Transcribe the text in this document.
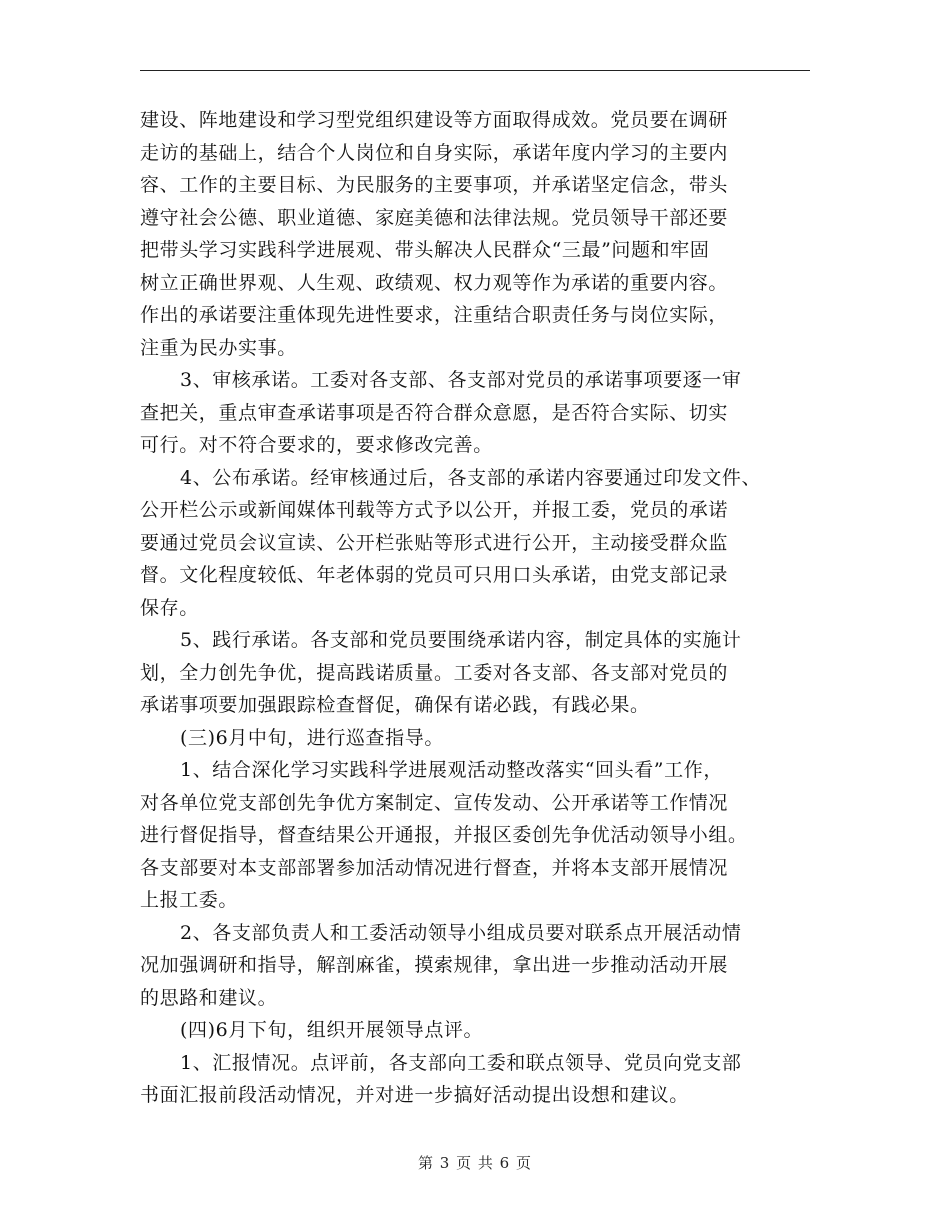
建设、阵地建设和学习型党组织建设等方面取得成效。党员要在调研
走访的基础上，结合个人岗位和自身实际，承诺年度内学习的主要内
容、工作的主要目标、为民服务的主要事项，并承诺坚定信念，带头
遵守社会公德、职业道德、家庭美德和法律法规。党员领导干部还要
把带头学习实践科学进展观、带头解决人民群众“三最”问题和牢固
树立正确世界观、人生观、政绩观、权力观等作为承诺的重要内容。
作出的承诺要注重体现先进性要求，注重结合职责任务与岗位实际，
注重为民办实事。
3、审核承诺。工委对各支部、各支部对党员的承诺事项要逐一审
查把关，重点审查承诺事项是否符合群众意愿，是否符合实际、切实
可行。对不符合要求的，要求修改完善。
4、公布承诺。经审核通过后，各支部的承诺内容要通过印发文件、
公开栏公示或新闻媒体刊载等方式予以公开，并报工委，党员的承诺
要通过党员会议宣读、公开栏张贴等形式进行公开，主动接受群众监
督。文化程度较低、年老体弱的党员可只用口头承诺，由党支部记录
保存。
5、践行承诺。各支部和党员要围绕承诺内容，制定具体的实施计
划，全力创先争优，提高践诺质量。工委对各支部、各支部对党员的
承诺事项要加强跟踪检查督促，确保有诺必践，有践必果。
(三)6月中旬，进行巡查指导。
1、结合深化学习实践科学进展观活动整改落实“回头看”工作，
对各单位党支部创先争优方案制定、宣传发动、公开承诺等工作情况
进行督促指导，督查结果公开通报，并报区委创先争优活动领导小组。
各支部要对本支部部署参加活动情况进行督查，并将本支部开展情况
上报工委。
2、各支部负责人和工委活动领导小组成员要对联系点开展活动情
况加强调研和指导，解剖麻雀，摸索规律，拿出进一步推动活动开展
的思路和建议。
(四)6月下旬，组织开展领导点评。
1、汇报情况。点评前，各支部向工委和联点领导、党员向党支部
书面汇报前段活动情况，并对进一步搞好活动提出设想和建议。
第 3 页 共 6 页
